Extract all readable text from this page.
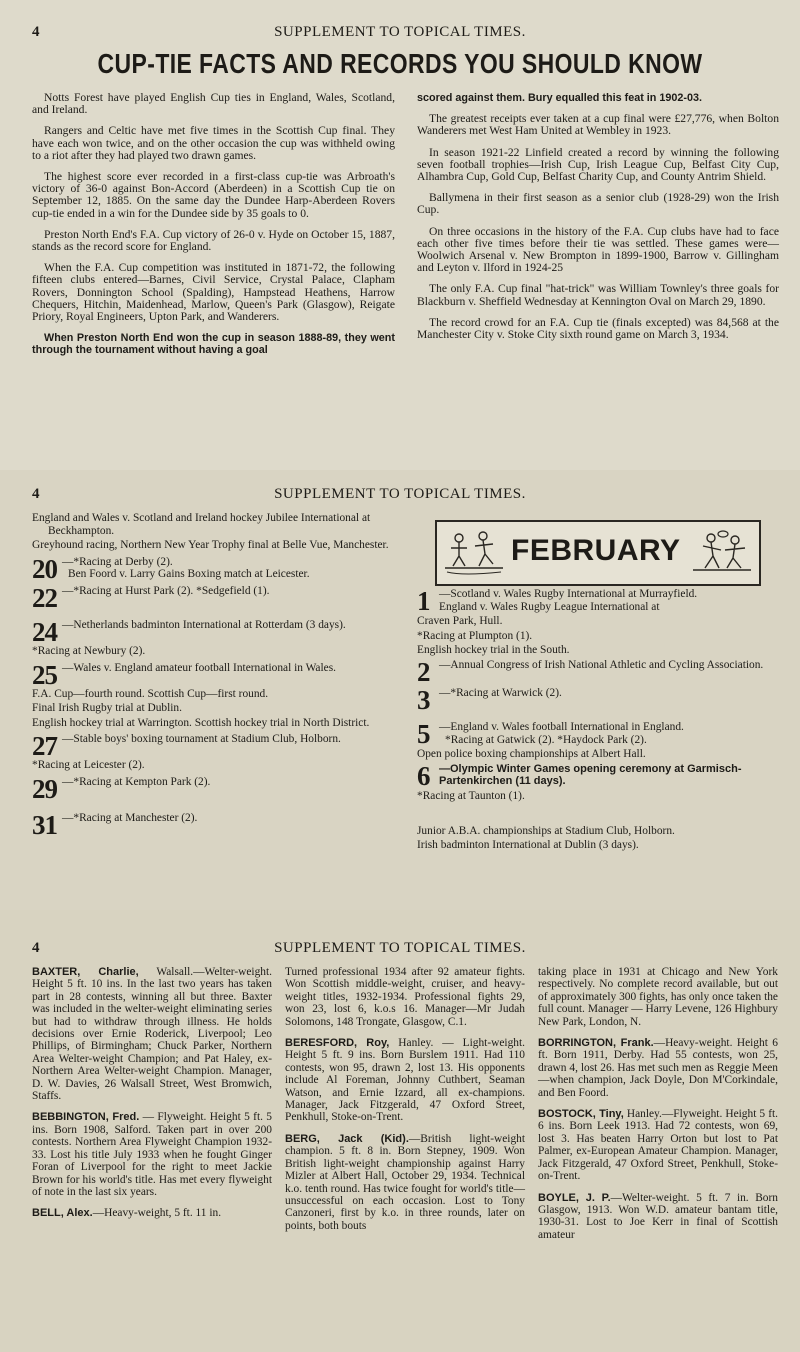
4	SUPPLEMENT TO TOPICAL TIMES.
CUP-TIE FACTS AND RECORDS YOU SHOULD KNOW

Notts Forest have played English Cup ties in England, Wales, Scotland, and Ireland.

Rangers and Celtic have met five times in the Scottish Cup final. They have each won twice, and on the other occasion the cup was withheld owing to a riot after they had played two drawn games.

The highest score ever recorded in a first-class cup-tie was Arbroath's victory of 36-0 against Bon-Accord (Aberdeen) in a Scottish Cup tie on September 12, 1885. On the same day the Dundee Harp-Aberdeen Rovers cup-tie ended in a win for the Dundee side by 35 goals to 0.

Preston North End's F.A. Cup victory of 26-0 v. Hyde on October 15, 1887, stands as the record score for England.

When the F.A. Cup competition was instituted in 1871-72, the following fifteen clubs entered—Barnes, Civil Service, Crystal Palace, Clapham Rovers, Donnington School (Spalding), Hampstead Heathens, Harrow Chequers, Hitchin, Maidenhead, Marlow, Queen's Park (Glasgow), Reigate Priory, Royal Engineers, Upton Park, and Wanderers.

When Preston North End won the cup in season 1888-89, they went through the tournament without having a goal

scored against them. Bury equalled this feat in 1902-03.

The greatest receipts ever taken at a cup final were £27,776, when Bolton Wanderers met West Ham United at Wembley in 1923.

In season 1921-22 Linfield created a record by winning the following seven football trophies—Irish Cup, Irish League Cup, Belfast City Cup, Alhambra Cup, Gold Cup, Belfast Charity Cup, and County Antrim Shield.

Ballymena in their first season as a senior club (1928-29) won the Irish Cup.

On three occasions in the history of the F.A. Cup clubs have had to face each other five times before their tie was settled. These games were—Woolwich Arsenal v. New Brompton in 1899-1900, Barrow v. Gillingham and Leyton v. Ilford in 1924-25

The only F.A. Cup final "hat-trick" was William Townley's three goals for Blackburn v. Sheffield Wednesday at Kennington Oval on March 29, 1890.

The record crowd for an F.A. Cup tie (finals excepted) was 84,568 at the Manchester City v. Stoke City sixth round game on March 3, 1934.

4	SUPPLEMENT TO TOPICAL TIMES.
England and Wales v. Scotland and Ireland hockey Jubilee International at Beckhampton.
Greyhound racing, Northern New Year Trophy final at Belle Vue, Manchester.
20 —*Racing at Derby (2).
Ben Foord v. Larry Gains Boxing match at Leicester.
22 —*Racing at Hurst Park (2). *Sedgefield (1).
24 —Netherlands badminton International at Rotterdam (3 days).
*Racing at Newbury (2).
25 —Wales v. England amateur football International in Wales.
F.A. Cup—fourth round. Scottish Cup—first round.
Final Irish Rugby trial at Dublin.
English hockey trial at Warrington. Scottish hockey trial in North District.
27 —Stable boys' boxing tournament at Stadium Club, Holborn.
*Racing at Leicester (2).
29 —*Racing at Kempton Park (2).
31 —*Racing at Manchester (2).
FEBRUARY
1 —Scotland v. Wales Rugby International at Murrayfield.
England v. Wales Rugby League International at
Craven Park, Hull.
*Racing at Plumpton (1).
English hockey trial in the South.
2 —Annual Congress of Irish National Athletic and Cycling Association.
3 —*Racing at Warwick (2).
5 —England v. Wales football International in England.
*Racing at Gatwick (2). *Haydock Park (2).
Open police boxing championships at Albert Hall.
6 —Olympic Winter Games opening ceremony at Garmisch-Partenkirchen (11 days).
*Racing at Taunton (1).
Junior A.B.A. championships at Stadium Club, Holborn.
Irish badminton International at Dublin (3 days).
4	SUPPLEMENT TO TOPICAL TIMES.

BAXTER, Charlie, Walsall.—Welter-weight. Height 5 ft. 10 ins. In the last two years has taken part in 28 contests, winning all but three. Baxter was included in the welter-weight eliminating series but had to withdraw through illness. He holds decisions over Ernie Roderick, Liverpool; Leo Phillips, of Birmingham; Chuck Parker, Northern Area Welter-weight Champion; and Pat Haley, ex-Northern Area Welter-weight Champion. Manager, D. W. Davies, 26 Walsall Street, West Bromwich, Staffs.

BEBBINGTON, Fred. — Flyweight. Height 5 ft. 5 ins. Born 1908, Salford. Taken part in over 200 contests. Northern Area Flyweight Champion 1932-33. Lost his title July 1933 when he fought Ginger Foran of Liverpool for the right to meet Jackie Brown for his world's title. Has met every flyweight of note in the last six years.

BELL, Alex.—Heavy-weight, 5 ft. 11 in.

Turned professional 1934 after 92 amateur fights. Won Scottish middle-weight, cruiser, and heavy-weight titles, 1932-1934. Professional fights 29, won 23, lost 6, k.o.s 16. Manager—Mr Judah Solomons, 148 Trongate, Glasgow, C.1.

BERESFORD, Roy, Hanley. — Light-weight. Height 5 ft. 9 ins. Born Burslem 1911. Had 110 contests, won 95, drawn 2, lost 13. His opponents include Al Foreman, Johnny Cuthbert, Seaman Watson, and Ernie Izzard, all ex-champions. Manager, Jack Fitzgerald, 47 Oxford Street, Penkhull, Stoke-on-Trent.

BERG, Jack (Kid).—British light-weight champion. 5 ft. 8 in. Born Stepney, 1909. Won British light-weight championship against Harry Mizler at Albert Hall, October 29, 1934. Technical k.o. tenth round. Has twice fought for world's title—unsuccessful on each occasion. Lost to Tony Canzoneri, first by k.o. in three rounds, later on points, both bouts

taking place in 1931 at Chicago and New York respectively. No complete record available, but out of approximately 300 fights, has only once taken the full count. Manager — Harry Levene, 126 Highbury New Park, London, N.

BORRINGTON, Frank.—Heavy-weight. Height 6 ft. Born 1911, Derby. Had 55 contests, won 25, drawn 4, lost 26. Has met such men as Reggie Meen—when champion, Jack Doyle, Don M'Corkindale, and Ben Foord.

BOSTOCK, Tiny, Hanley.—Flyweight. Height 5 ft. 6 ins. Born Leek 1913. Had 72 contests, won 69, lost 3. Has beaten Harry Orton but lost to Pat Palmer, ex-European Amateur Champion. Manager, Jack Fitzgerald, 47 Oxford Street, Penkhull, Stoke-on-Trent.

BOYLE, J. P.—Welter-weight. 5 ft. 7 in. Born Glasgow, 1913. Won W.D. amateur bantam title, 1930-31. Lost to Joe Kerr in final of Scottish amateur
